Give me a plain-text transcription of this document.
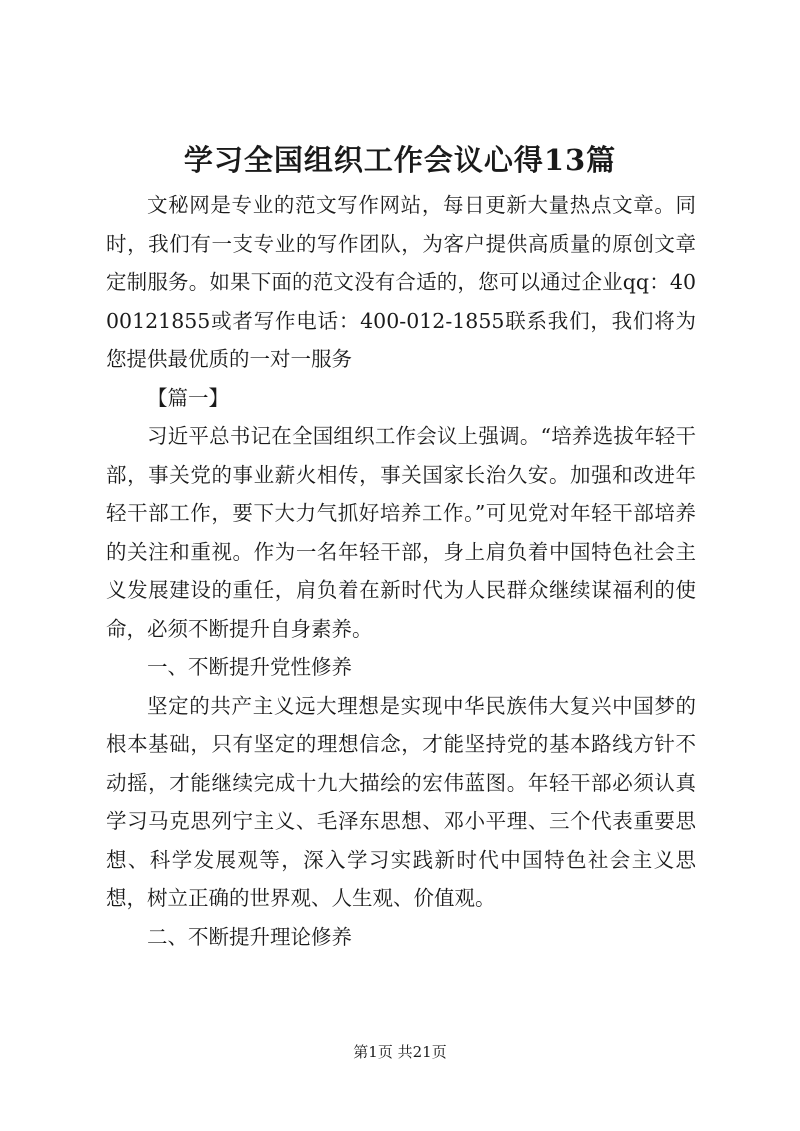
学习全国组织工作会议心得13篇

文秘网是专业的范文写作网站，每日更新大量热点文章。同时，我们有一支专业的写作团队，为客户提供高质量的原创文章定制服务。如果下面的范文没有合适的，您可以通过企业qq：4000121855或者写作电话：400-012-1855联系我们，我们将为您提供最优质的一对一服务

【篇一】

习近平总书记在全国组织工作会议上强调。“培养选拔年轻干部，事关党的事业薪火相传，事关国家长治久安。加强和改进年轻干部工作，要下大力气抓好培养工作。”可见党对年轻干部培养的关注和重视。作为一名年轻干部，身上肩负着中国特色社会主义发展建设的重任，肩负着在新时代为人民群众继续谋福利的使命，必须不断提升自身素养。

一、不断提升党性修养

坚定的共产主义远大理想是实现中华民族伟大复兴中国梦的根本基础，只有坚定的理想信念，才能坚持党的基本路线方针不动摇，才能继续完成十九大描绘的宏伟蓝图。年轻干部必须认真学习马克思列宁主义、毛泽东思想、邓小平理、三个代表重要思想、科学发展观等，深入学习实践新时代中国特色社会主义思想，树立正确的世界观、人生观、价值观。

二、不断提升理论修养

第1页 共21页
